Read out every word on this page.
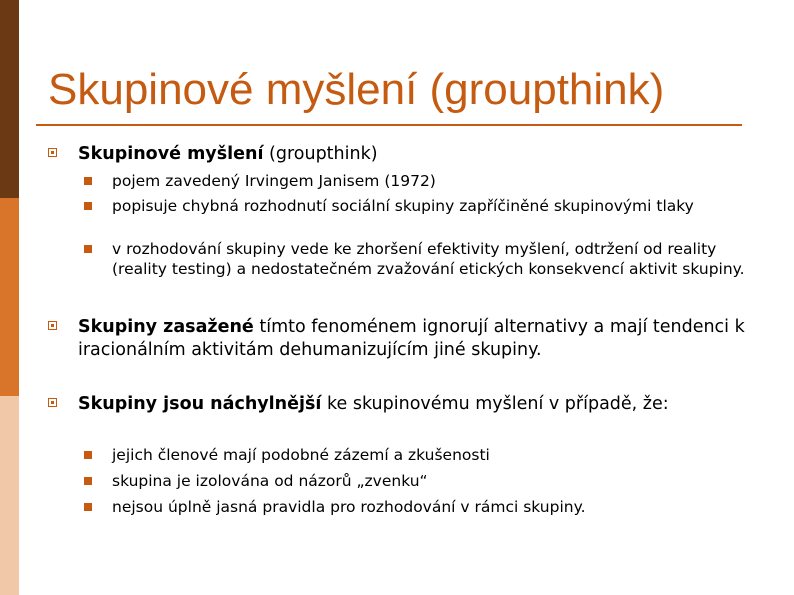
Skupinové myšlení (groupthink)
Skupinové myšlení (groupthink)
pojem zavedený Irvingem Janisem (1972)
popisuje chybná rozhodnutí sociální skupiny zapříčiněné skupinovými tlaky
v rozhodování skupiny vede ke zhoršení efektivity myšlení, odtržení od reality (reality testing) a nedostatečném zvažování etických konsekvencí aktivit skupiny.
Skupiny zasažené tímto fenoménem ignorují alternativy a mají tendenci k iracionálním aktivitám dehumanizujícím jiné skupiny.
Skupiny jsou náchylnější ke skupinovému myšlení v případě, že:
jejich členové mají podobné zázemí a zkušenosti
skupina je izolována od názorů „zvenku“
nejsou úplně jasná pravidla pro rozhodování v rámci skupiny.
